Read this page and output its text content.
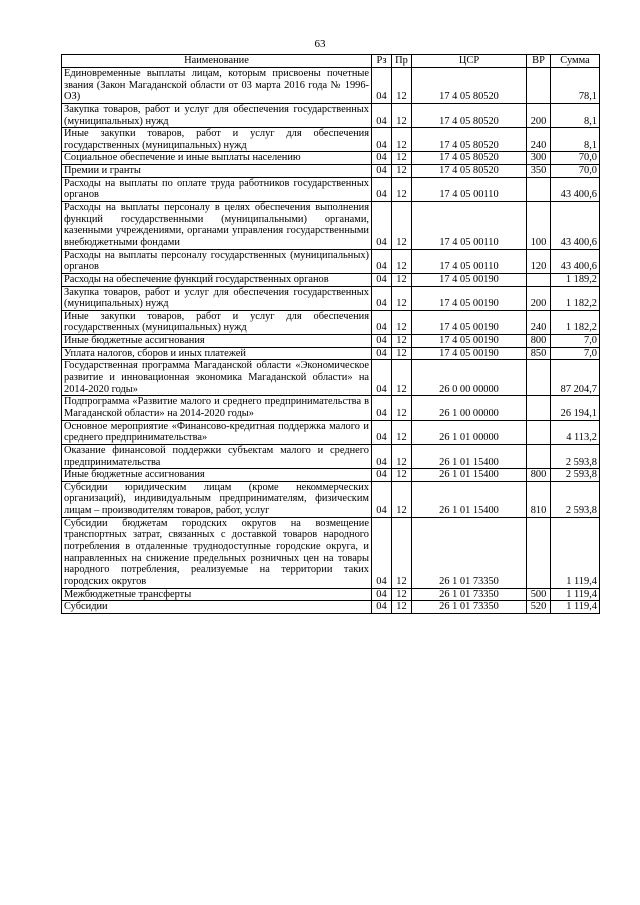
63
Наименование	Рз	Пр	ЦСР	ВР	Сумма
Единовременные выплаты лицам, которым присвоены почетные звания (Закон Магаданской области от 03 марта 2016 года № 1996-ОЗ)	04	12	17 4 05 80520		78,1
Закупка товаров, работ и услуг для обеспечения государственных (муниципальных) нужд	04	12	17 4 05 80520	200	8,1
Иные закупки товаров, работ и услуг для обеспечения государственных (муниципальных) нужд	04	12	17 4 05 80520	240	8,1
Социальное обеспечение и иные выплаты населению	04	12	17 4 05 80520	300	70,0
Премии и гранты	04	12	17 4 05 80520	350	70,0
Расходы на выплаты по оплате труда работников государственных органов	04	12	17 4 05 00110		43 400,6
Расходы на выплаты персоналу в целях обеспечения выполнения функций государственными (муниципальными) органами, казенными учреждениями, органами управления государственными внебюджетными фондами	04	12	17 4 05 00110	100	43 400,6
Расходы на выплаты персоналу государственных (муниципальных) органов	04	12	17 4 05 00110	120	43 400,6
Расходы на обеспечение функций государственных органов	04	12	17 4 05 00190		1 189,2
Закупка товаров, работ и услуг для обеспечения государственных (муниципальных) нужд	04	12	17 4 05 00190	200	1 182,2
Иные закупки товаров, работ и услуг для обеспечения государственных (муниципальных) нужд	04	12	17 4 05 00190	240	1 182,2
Иные бюджетные ассигнования	04	12	17 4 05 00190	800	7,0
Уплата налогов, сборов и иных платежей	04	12	17 4 05 00190	850	7,0
Государственная программа Магаданской области «Экономическое развитие и инновационная экономика Магаданской области» на 2014-2020 годы»	04	12	26 0 00 00000		87 204,7
Подпрограмма «Развитие малого и среднего предпринимательства в Магаданской области» на 2014-2020 годы»	04	12	26 1 00 00000		26 194,1
Основное мероприятие «Финансово-кредитная поддержка малого и среднего предпринимательства»	04	12	26 1 01 00000		4 113,2
Оказание финансовой поддержки субъектам малого и среднего предпринимательства	04	12	26 1 01 15400		2 593,8
Иные бюджетные ассигнования	04	12	26 1 01 15400	800	2 593,8
Субсидии юридическим лицам (кроме некоммерческих организаций), индивидуальным предпринимателям, физическим лицам – производителям товаров, работ, услуг	04	12	26 1 01 15400	810	2 593,8
Субсидии бюджетам городских округов на возмещение транспортных затрат, связанных с доставкой товаров народного потребления в отдаленные труднодоступные городские округа, и направленных на снижение предельных розничных цен на товары народного потребления, реализуемые на территории таких городских округов	04	12	26 1 01 73350		1 119,4
Межбюджетные трансферты	04	12	26 1 01 73350	500	1 119,4
Субсидии	04	12	26 1 01 73350	520	1 119,4
